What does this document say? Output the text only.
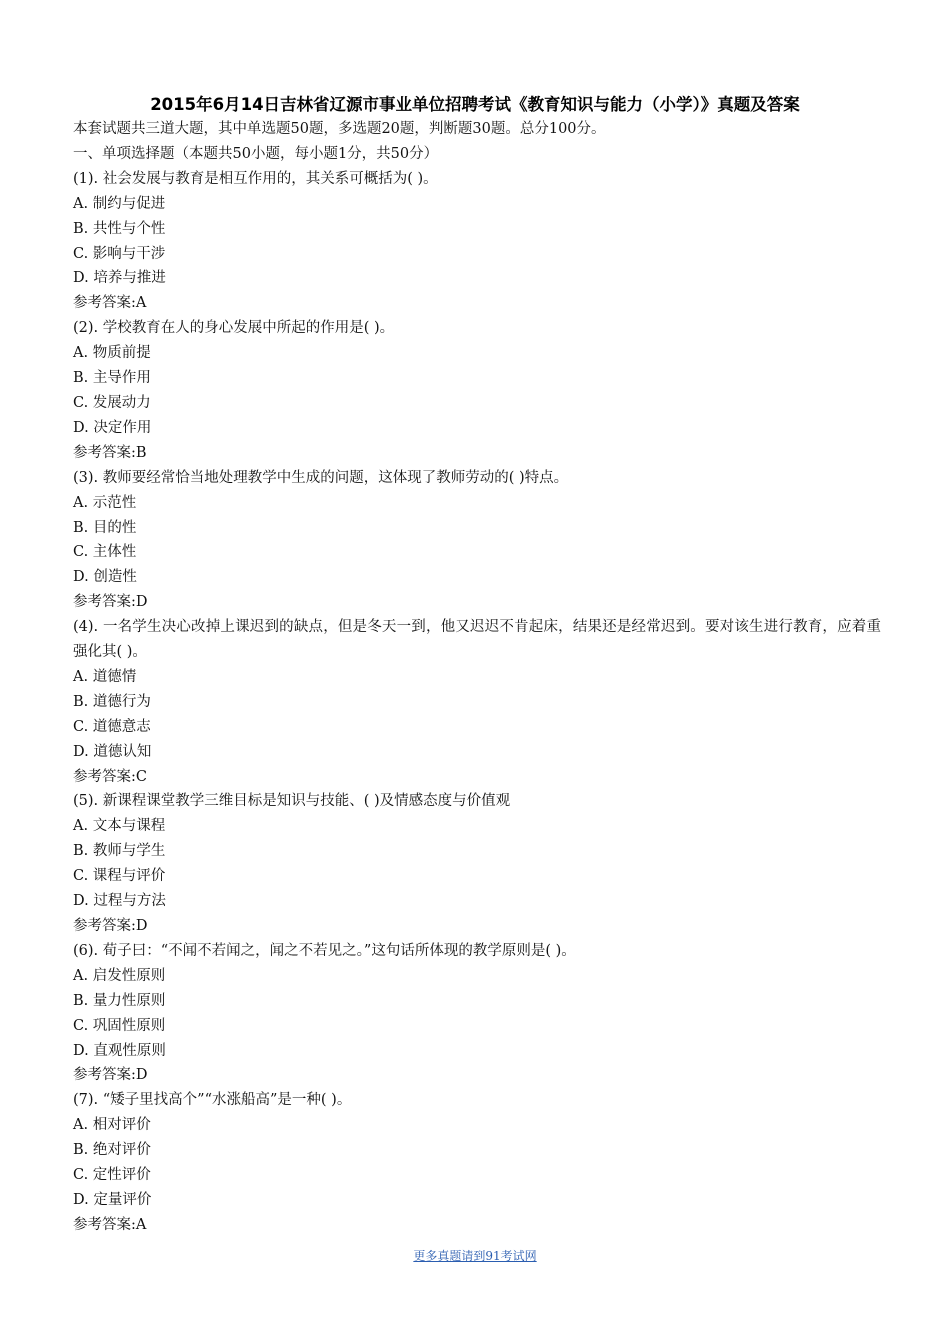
2015年6月14日吉林省辽源市事业单位招聘考试《教育知识与能力（小学）》真题及答案
本套试题共三道大题，其中单选题50题，多选题20题，判断题30题。总分100分。
一、单项选择题（本题共50小题，每小题1分，共50分）
(1). 社会发展与教育是相互作用的，其关系可概括为( )。
A. 制约与促进
B. 共性与个性
C. 影响与干涉
D. 培养与推进
参考答案:A
(2). 学校教育在人的身心发展中所起的作用是( )。
A. 物质前提
B. 主导作用
C. 发展动力
D. 决定作用
参考答案:B
(3). 教师要经常恰当地处理教学中生成的问题，这体现了教师劳动的( )特点。
A. 示范性
B. 目的性
C. 主体性
D. 创造性
参考答案:D
(4). 一名学生决心改掉上课迟到的缺点，但是冬天一到，他又迟迟不肯起床，结果还是经常迟到。要对该生进行教育，应着重强化其( )。
A. 道德情
B. 道德行为
C. 道德意志
D. 道德认知
参考答案:C
(5). 新课程课堂教学三维目标是知识与技能、( )及情感态度与价值观
A. 文本与课程
B. 教师与学生
C. 课程与评价
D. 过程与方法
参考答案:D
(6). 荀子曰：“不闻不若闻之，闻之不若见之。”这句话所体现的教学原则是( )。
A. 启发性原则
B. 量力性原则
C. 巩固性原则
D. 直观性原则
参考答案:D
(7). “矮子里找高个”“水涨船高”是一种( )。
A. 相对评价
B. 绝对评价
C. 定性评价
D. 定量评价
参考答案:A
更多真题请到91考试网
